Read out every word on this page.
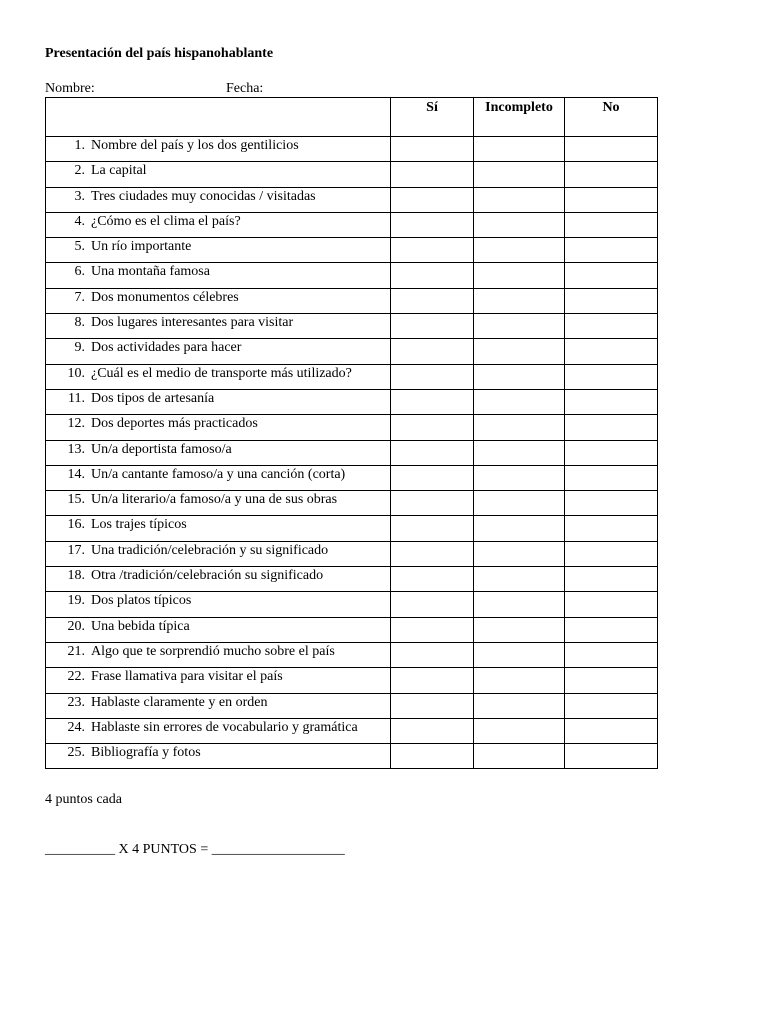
Presentación del país hispanohablante
Nombre:	Fecha:
	Sí	Incompleto	No

1. Nombre del país y los dos gentilicios			

2. La capital			

3. Tres ciudades muy conocidas / visitadas			

4. ¿Cómo es el clima el país?			

5. Un río importante			

6. Una montaña famosa			

7. Dos monumentos célebres			

8. Dos lugares interesantes para visitar			

9. Dos actividades para hacer			

10. ¿Cuál es el medio de transporte más utilizado?			

11. Dos tipos de artesanía			

12. Dos deportes más practicados			

13. Un/a deportista famoso/a			

14. Un/a cantante famoso/a y una canción (corta)			

15. Un/a literario/a famoso/a y una de sus obras			

16. Los trajes típicos			

17. Una tradición/celebración y su significado			

18. Otra /tradición/celebración su significado			

19. Dos platos típicos			

20. Una bebida típica			

21. Algo que te sorprendió mucho sobre el país			

22. Frase llamativa para visitar el país			

23. Hablaste claramente y en orden			

24. Hablaste sin errores de vocabulario y gramática			

25. Bibliografía y fotos			

4 puntos cada
__________ X 4 PUNTOS = ___________________
